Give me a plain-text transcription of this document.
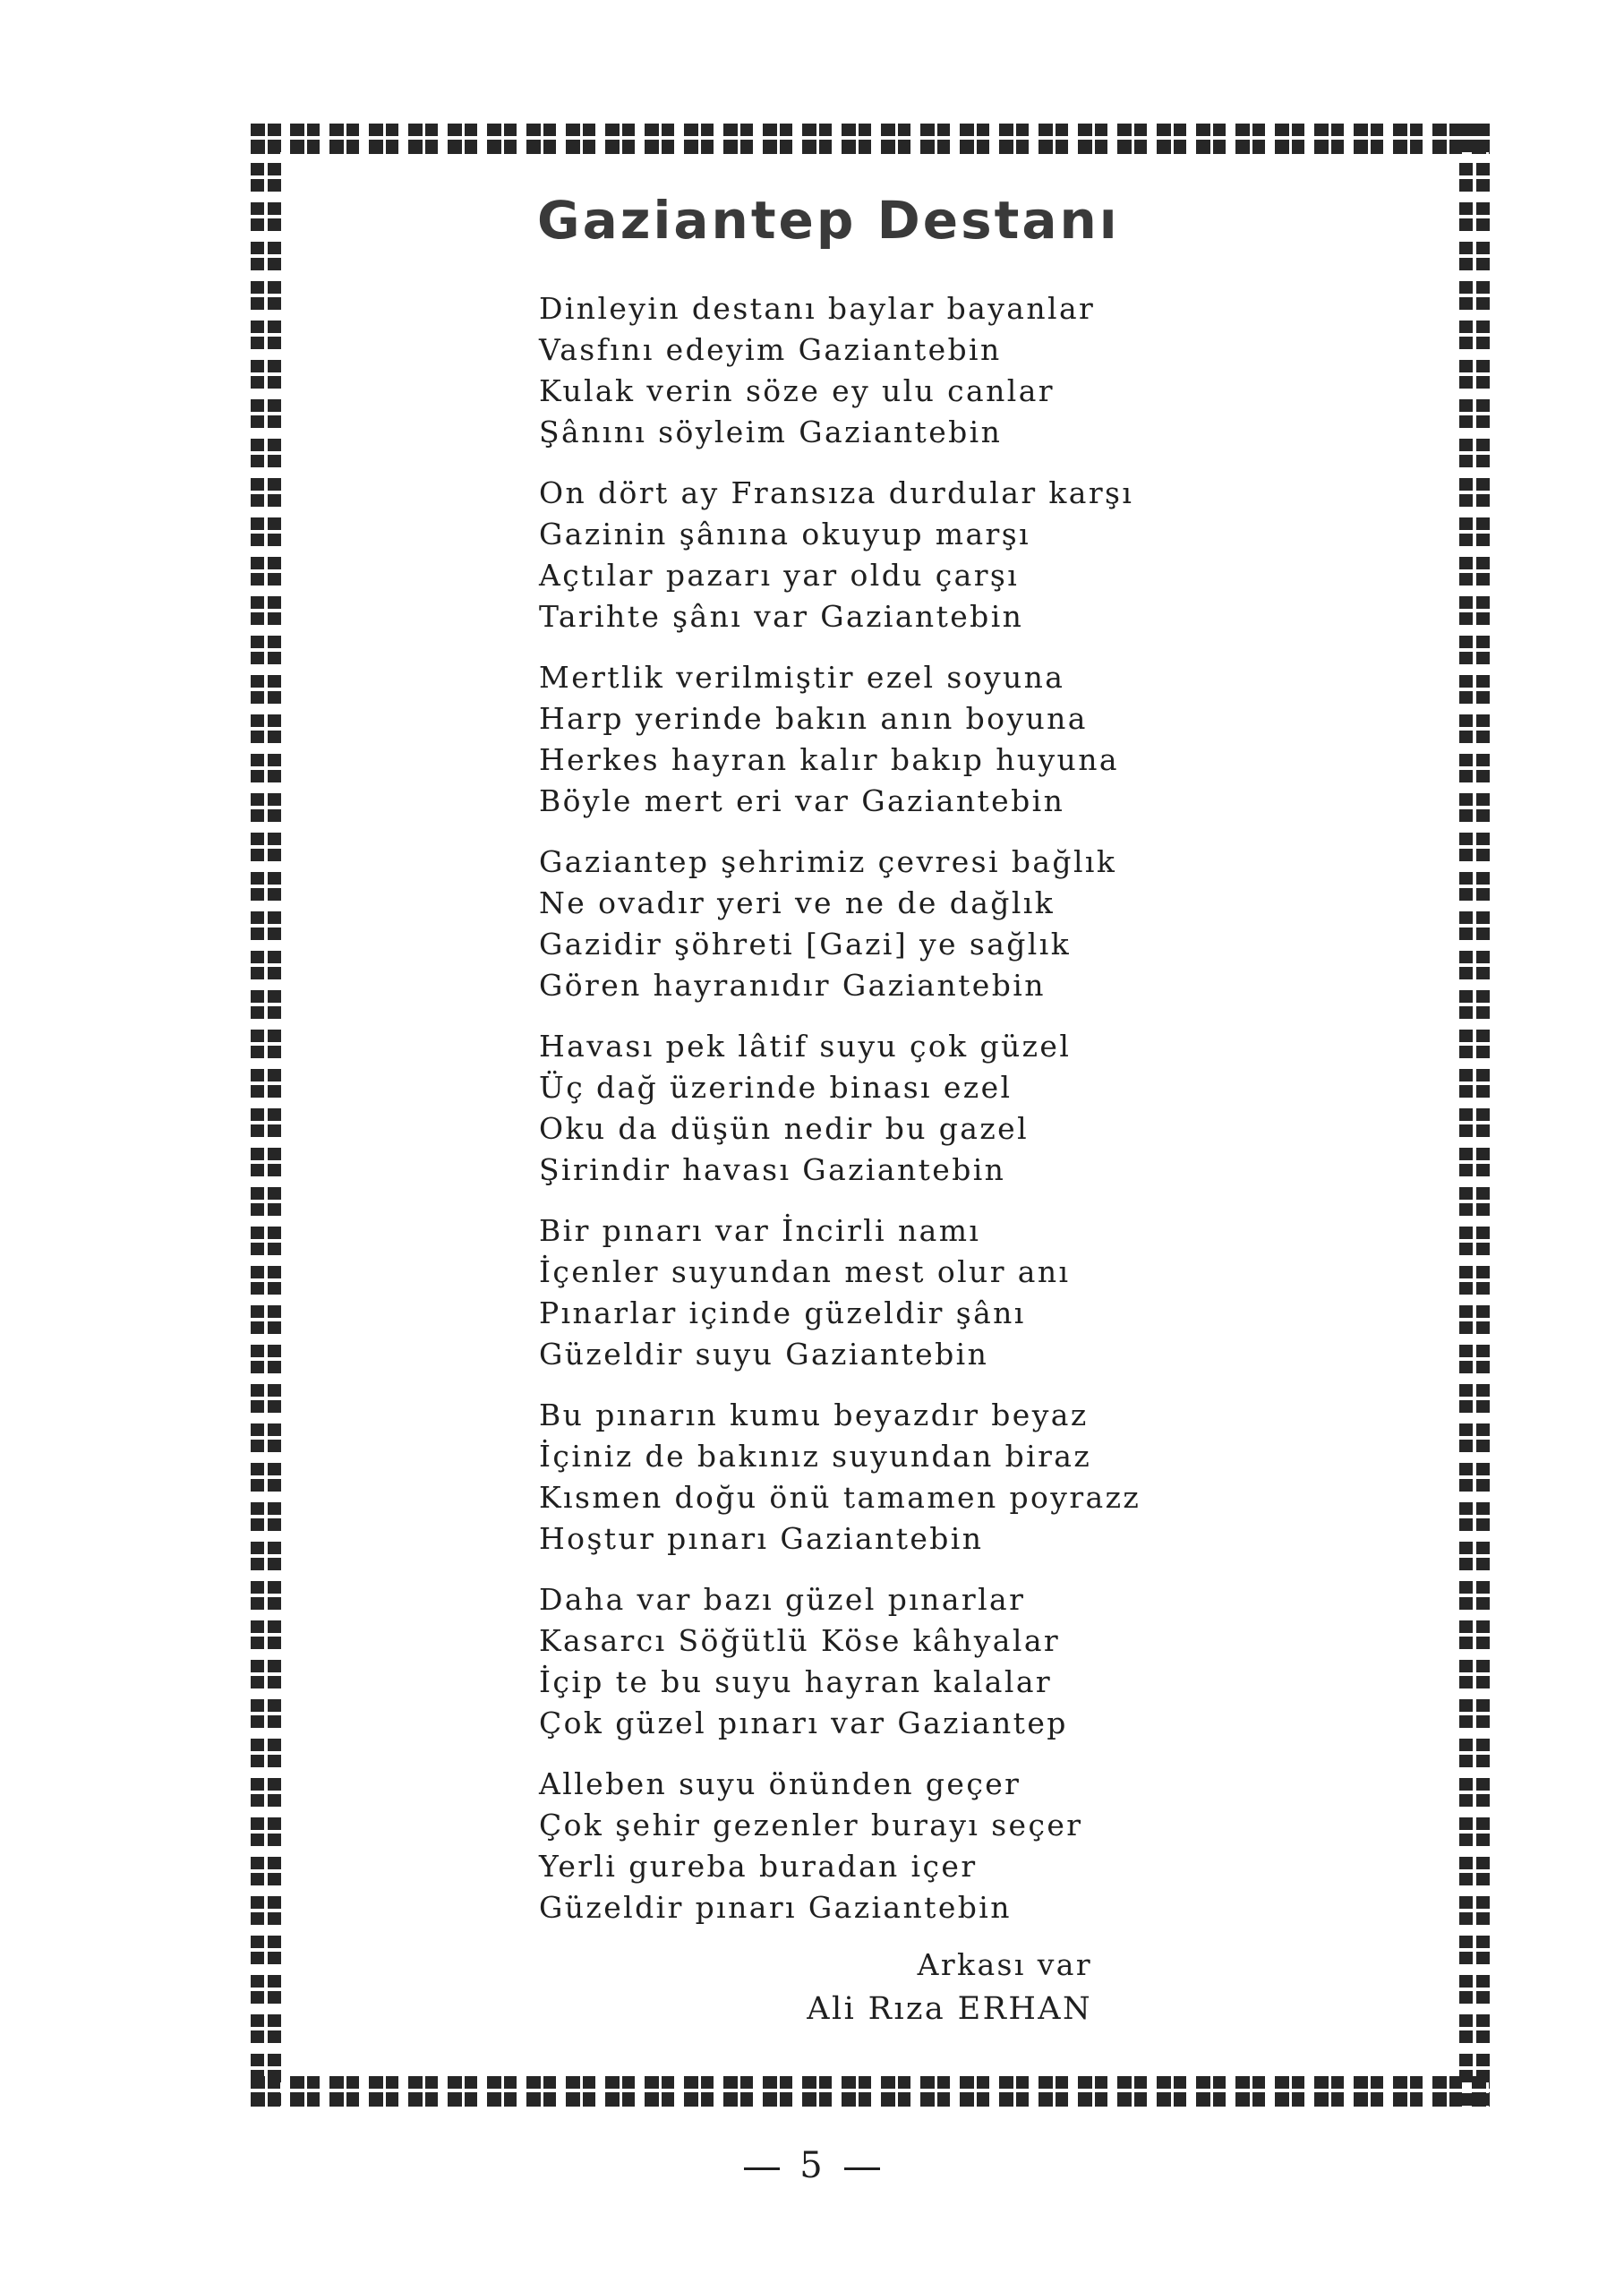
Gaziantep Destanı
Dinleyin destanı baylar bayanlar
Vasfını edeyim Gaziantebin
Kulak verin söze ey ulu canlar
Şânını söyleim Gaziantebin
On dört ay Fransıza durdular karşı
Gazinin şânına okuyup marşı
Açtılar pazarı yar oldu çarşı
Tarihte şânı var Gaziantebin
Mertlik verilmiştir ezel soyuna
Harp yerinde bakın anın boyuna
Herkes hayran kalır bakıp huyuna
Böyle mert eri var Gaziantebin
Gaziantep şehrimiz çevresi bağlık
Ne ovadır yeri ve ne de dağlık
Gazidir şöhreti [Gazi] ye sağlık
Gören hayranıdır Gaziantebin
Havası pek lâtif suyu çok güzel
Üç dağ üzerinde binası ezel
Oku da düşün nedir bu gazel
Şirindir havası Gaziantebin
Bir pınarı var İncirli namı
İçenler suyundan mest olur anı
Pınarlar içinde güzeldir şânı
Güzeldir suyu Gaziantebin
Bu pınarın kumu beyazdır beyaz
İçiniz de bakınız suyundan biraz
Kısmen doğu önü tamamen poyrazz
Hoştur pınarı Gaziantebin
Daha var bazı güzel pınarlar
Kasarcı Söğütlü Köse kâhyalar
İçip te bu suyu hayran kalalar
Çok güzel pınarı var Gaziantep
Alleben suyu önünden geçer
Çok şehir gezenler burayı seçer
Yerli gureba buradan içer
Güzeldir pınarı Gaziantebin
Arkası var
Ali Rıza ERHAN
5
